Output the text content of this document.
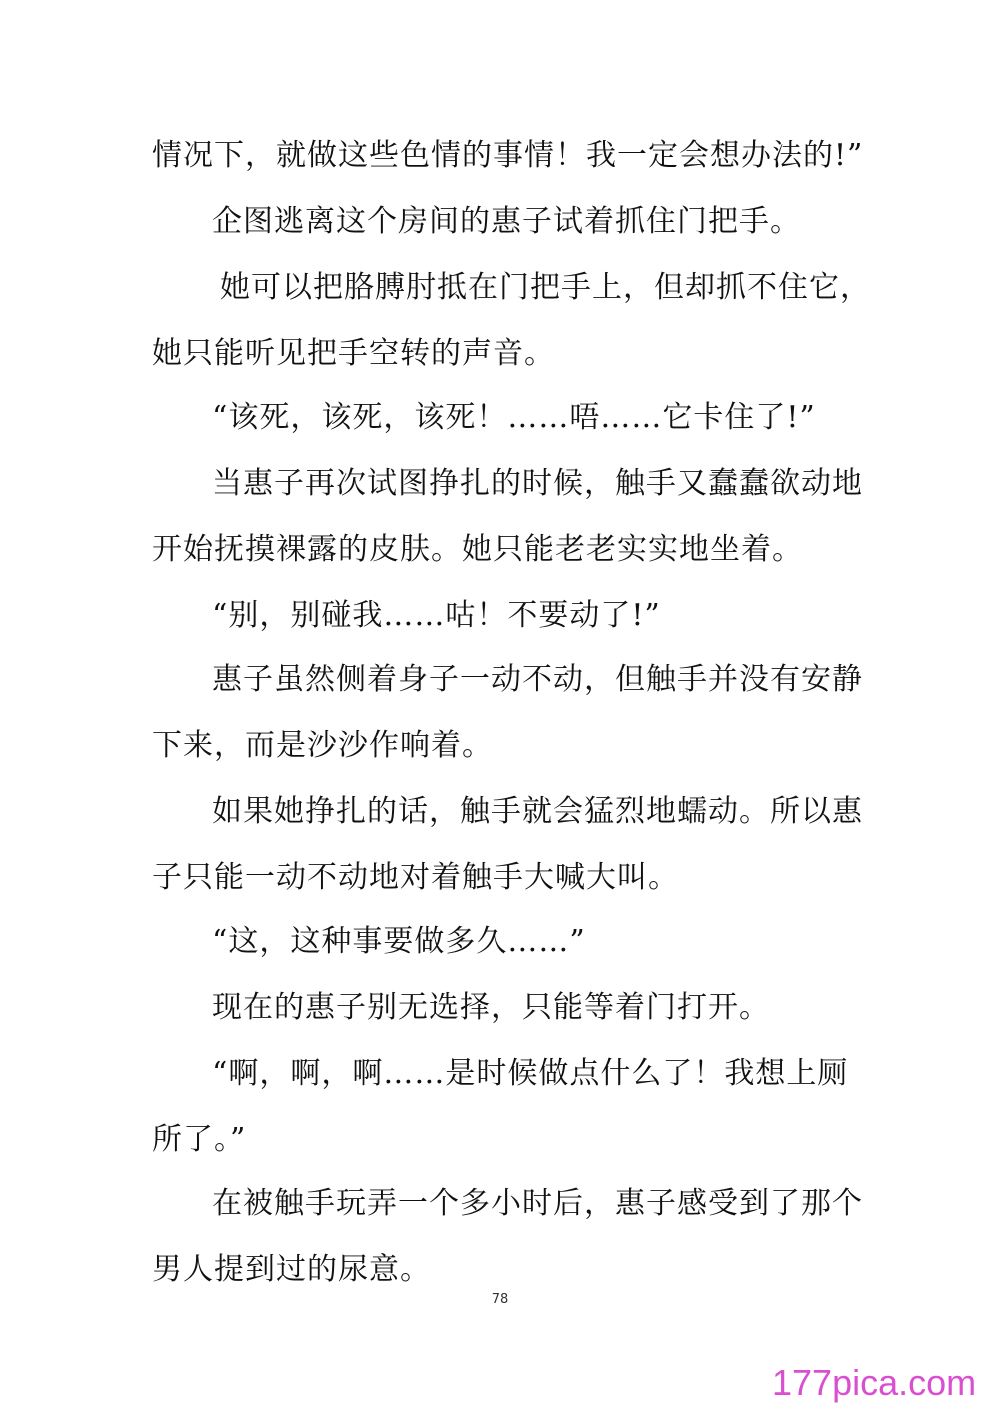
情况下，就做这些色情的事情！我一定会想办法的!”
企图逃离这个房间的惠子试着抓住门把手。
她可以把胳膊肘抵在门把手上，但却抓不住它，
她只能听见把手空转的声音。
“该死，该死，该死！……唔……它卡住了!”
当惠子再次试图挣扎的时候，触手又蠢蠢欲动地
开始抚摸裸露的皮肤。她只能老老实实地坐着。
“别，别碰我……咕！不要动了!”
惠子虽然侧着身子一动不动，但触手并没有安静
下来，而是沙沙作响着。
如果她挣扎的话，触手就会猛烈地蠕动。所以惠
子只能一动不动地对着触手大喊大叫。
“这，这种事要做多久……”
现在的惠子别无选择，只能等着门打开。
“啊，啊，啊……是时候做点什么了！我想上厕
所了。”
在被触手玩弄一个多小时后，惠子感受到了那个
男人提到过的尿意。
78
177pica.com
